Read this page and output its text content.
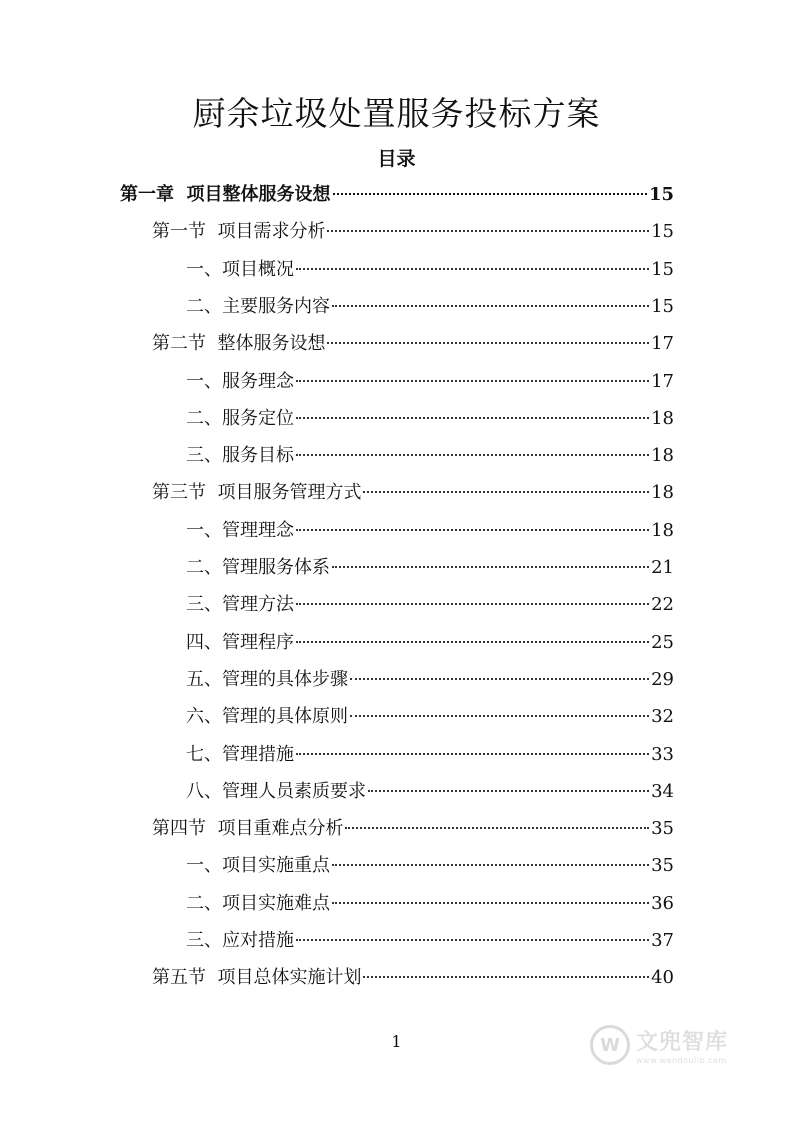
厨余垃圾处置服务投标方案
目录
第一章  项目整体服务设想	15
第一节  项目需求分析	15
一、项目概况	15
二、主要服务内容	15
第二节  整体服务设想	17
一、服务理念	17
二、服务定位	18
三、服务目标	18
第三节  项目服务管理方式	18
一、管理理念	18
二、管理服务体系	21
三、管理方法	22
四、管理程序	25
五、管理的具体步骤	29
六、管理的具体原则	32
七、管理措施	33
八、管理人员素质要求	34
第四节  项目重难点分析	35
一、项目实施重点	35
二、项目实施难点	36
三、应对措施	37
第五节  项目总体实施计划	40
1	W 文兜智库
www.wendoulib.com
